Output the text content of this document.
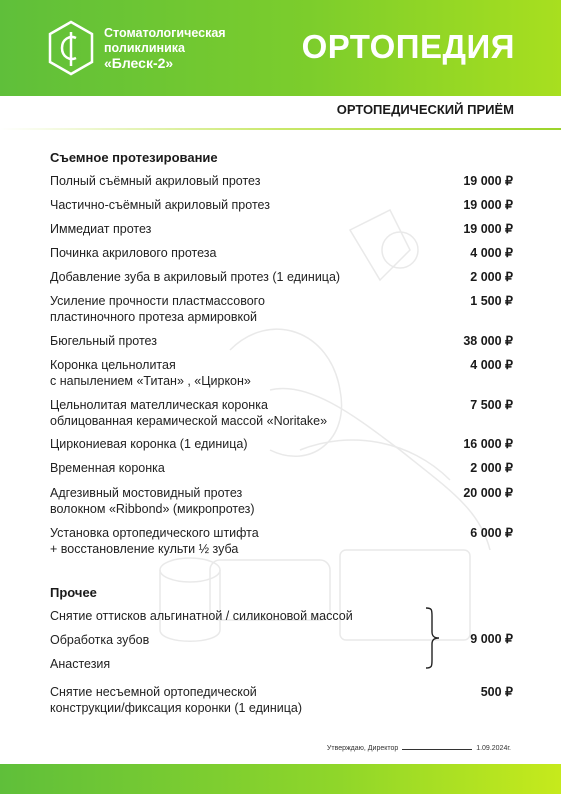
Стоматологическая
поликлиника
«Блеск-2»	ОРТОПЕДИЯ
ОРТОПЕДИЧЕСКИЙ ПРИЁМ
Съемное протезирование
Полный съёмный акриловый протез	19 000 ₽
Частично-съёмный акриловый протез	19 000 ₽
Иммедиат протез	19 000 ₽
Починка акрилового протеза	4 000 ₽
Добавление зуба в акриловый протез (1 единица)	2 000 ₽
Усиление прочности пластмассового
пластиночного протеза армировкой
1 500 ₽
Бюгельный протез	38 000 ₽
Коронка цельнолитая
с напылением «Титан» , «Циркон»
4 000 ₽
Цельнолитая мателлическая коронка
облицованная керамической массой «Noritake»
7 500 ₽
Циркониевая коронка (1 единица)	16 000 ₽
Временная коронка	2 000 ₽
Адгезивный мостовидный протез
волокном «Ribbond» (микропротез)
20 000 ₽
Установка ортопедического штифта
+ восстановление культи ½ зуба
6 000 ₽
Прочее
Снятие оттисков альгинатной / силиконовой массой
Обработка зубов
Анастезия
9 000 ₽
Снятие несъемной ортопедической
конструкции/фиксация коронки (1 единица)
500 ₽
Утверждаю, Директор	1.09.2024г.
